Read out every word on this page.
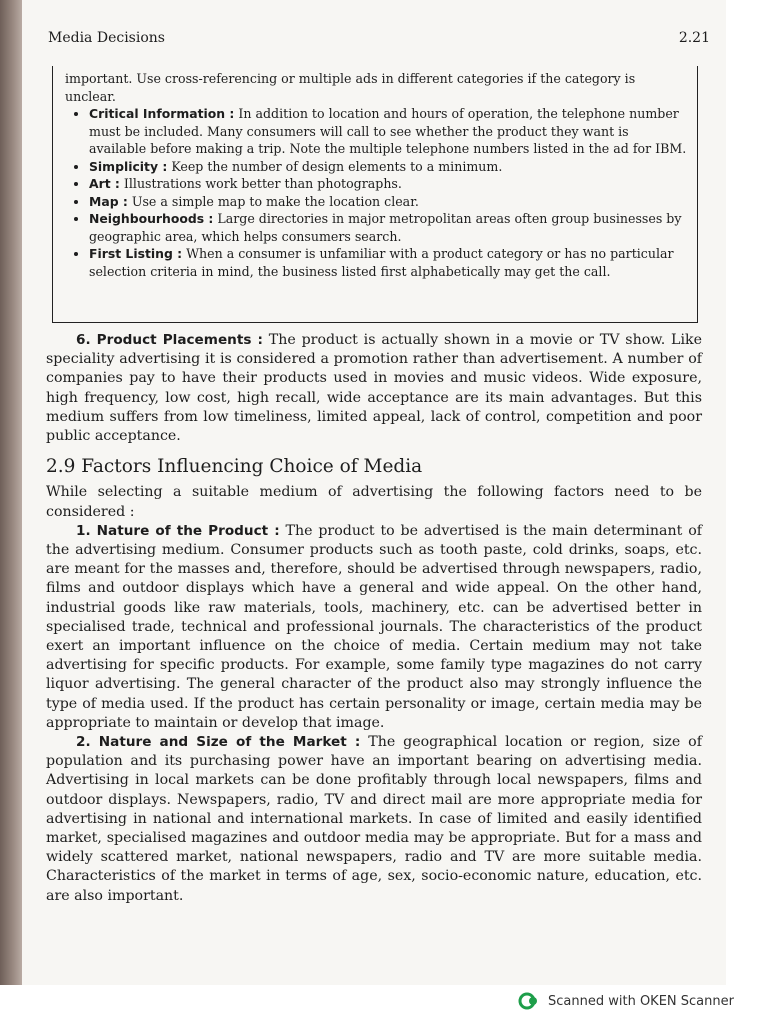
Media Decisions	2.21

important. Use cross-referencing or multiple ads in different categories if the category is unclear.

• Critical Information : In addition to location and hours of operation, the telephone number must be included. Many consumers will call to see whether the product they want is available before making a trip. Note the multiple telephone numbers listed in the ad for IBM.
• Simplicity : Keep the number of design elements to a minimum.
• Art : Illustrations work better than photographs.
• Map : Use a simple map to make the location clear.
• Neighbourhoods : Large directories in major metropolitan areas often group businesses by geographic area, which helps consumers search.
• First Listing : When a consumer is unfamiliar with a product category or has no particular selection criteria in mind, the business listed first alphabetically may get the call.

6. Product Placements : The product is actually shown in a movie or TV show. Like speciality advertising it is considered a promotion rather than advertisement. A number of companies pay to have their products used in movies and music videos. Wide exposure, high frequency, low cost, high recall, wide acceptance are its main advantages. But this medium suffers from low timeliness, limited appeal, lack of control, competition and poor public acceptance.

2.9 Factors Influencing Choice of Media

While selecting a suitable medium of advertising the following factors need to be considered :

1. Nature of the Product : The product to be advertised is the main determinant of the advertising medium. Consumer products such as tooth paste, cold drinks, soaps, etc. are meant for the masses and, therefore, should be advertised through newspapers, radio, films and outdoor displays which have a general and wide appeal. On the other hand, industrial goods like raw materials, tools, machinery, etc. can be advertised better in specialised trade, technical and professional journals. The characteristics of the product exert an important influence on the choice of media. Certain medium may not take advertising for specific products. For example, some family type magazines do not carry liquor advertising. The general character of the product also may strongly influence the type of media used. If the product has certain personality or image, certain media may be appropriate to maintain or develop that image.

2. Nature and Size of the Market : The geographical location or region, size of population and its purchasing power have an important bearing on advertising media. Advertising in local markets can be done profitably through local newspapers, films and outdoor displays. Newspapers, radio, TV and direct mail are more appropriate media for advertising in national and international markets. In case of limited and easily identified market, specialised magazines and outdoor media may be appropriate. But for a mass and widely scattered market, national newspapers, radio and TV are more suitable media. Characteristics of the market in terms of age, sex, socio-economic nature, education, etc. are also important.

Scanned with OKEN Scanner
